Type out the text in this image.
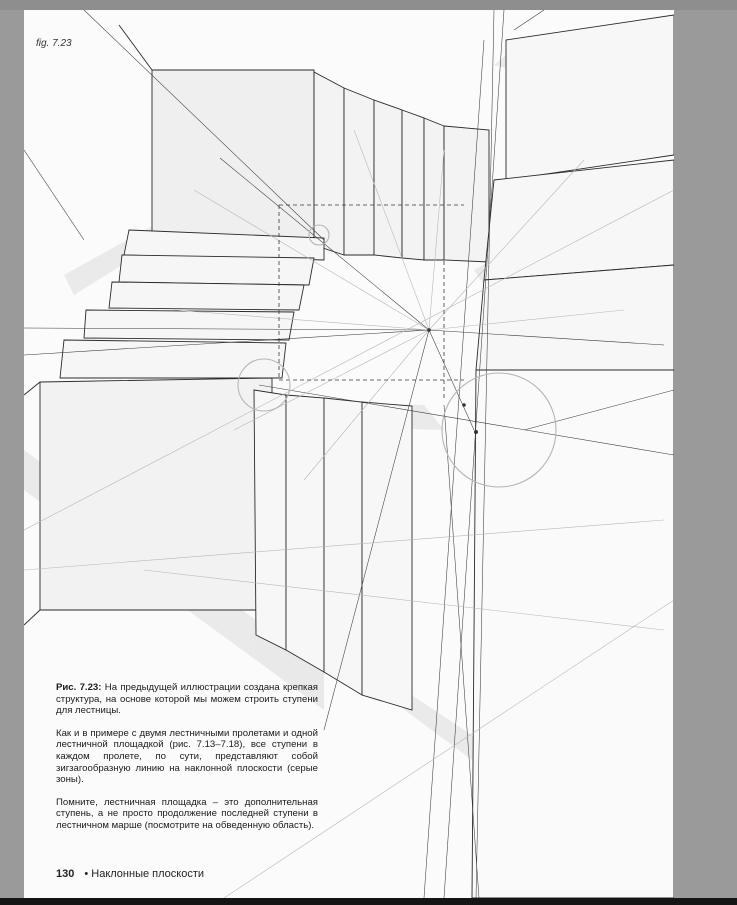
fig. 7.23

Рис. 7.23: На предыдущей иллюстрации создана крепкая структура, на основе которой мы можем строить ступени для лестницы.

Как и в примере с двумя лестничными пролетами и одной лестничной площадкой (рис. 7.13–7.18), все ступени в каждом пролете, по сути, представляют собой зигзагообразную линию на наклонной плоскости (серые зоны).

Помните, лестничная площадка – это дополнительная ступень, а не просто продолжение последней ступени в лестничном марше (посмотрите на обведенную область).

130 • Наклонные плоскости
